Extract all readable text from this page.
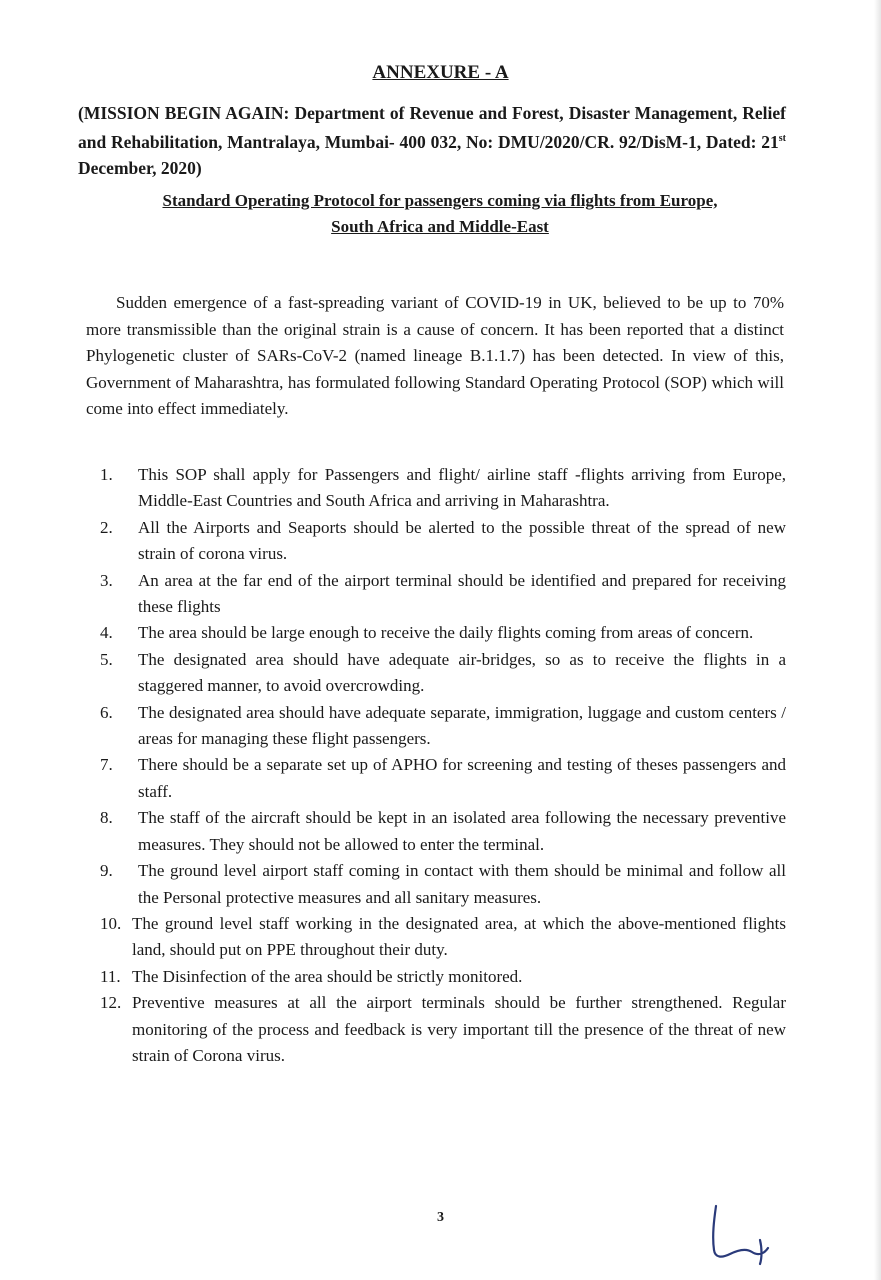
ANNEXURE - A
(MISSION BEGIN AGAIN: Department of Revenue and Forest, Disaster Management, Relief and Rehabilitation, Mantralaya, Mumbai- 400 032, No: DMU/2020/CR. 92/DisM-1, Dated: 21st December, 2020)
Standard Operating Protocol for passengers coming via flights from Europe,
South Africa and Middle-East
Sudden emergence of a fast-spreading variant of COVID-19 in UK, believed to be up to 70% more transmissible than the original strain is a cause of concern. It has been reported that a distinct Phylogenetic cluster of SARs-CoV-2 (named lineage B.1.1.7) has been detected. In view of this, Government of Maharashtra, has formulated following Standard Operating Protocol (SOP) which will come into effect immediately.
1.	This SOP shall apply for Passengers and flight/ airline staff -flights arriving from Europe, Middle-East Countries and South Africa and arriving in Maharashtra.
2.	All the Airports and Seaports should be alerted to the possible threat of the spread of new strain of corona virus.
3.	An area at the far end of the airport terminal should be identified and prepared for receiving these flights
4.	The area should be large enough to receive the daily flights coming from areas of concern.
5.	The designated area should have adequate air-bridges, so as to receive the flights in a staggered manner, to avoid overcrowding.
6.	The designated area should have adequate separate, immigration, luggage and custom centers / areas for managing these flight passengers.
7.	There should be a separate set up of APHO for screening and testing of theses passengers and staff.
8.	The staff of the aircraft should be kept in an isolated area following the necessary preventive measures. They should not be allowed to enter the terminal.
9.	The ground level airport staff coming in contact with them should be minimal and follow all the Personal protective measures and all sanitary measures.
10. The ground level staff working in the designated area, at which the above-mentioned flights land, should put on PPE throughout their duty.
11. The Disinfection of the area should be strictly monitored.
12. Preventive measures at all the airport terminals should be further strengthened. Regular monitoring of the process and feedback is very important till the presence of the threat of new strain of Corona virus.
3
